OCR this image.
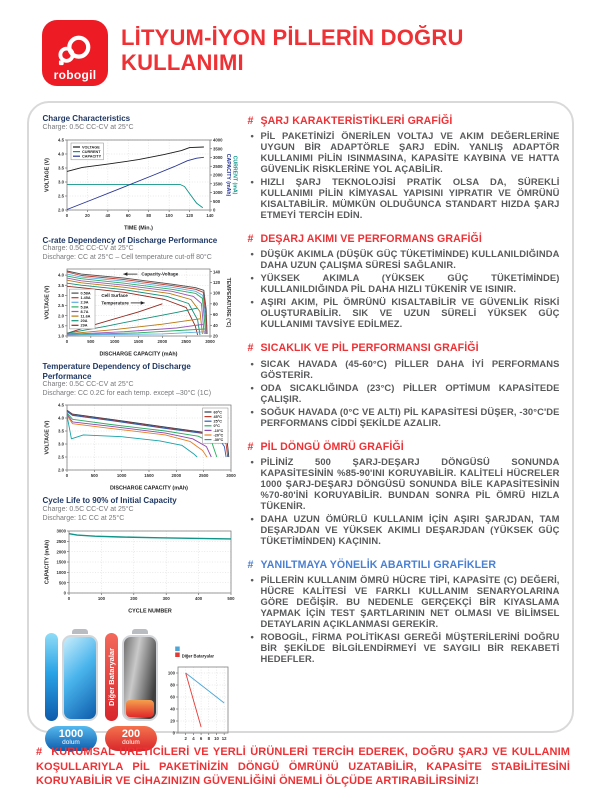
robogil
LİTYUM-İYON PİLLERİN DOĞRU KULLANIMI
Charge Characteristics
Charge: 0.5C CC-CV at 25°C
0	20	40	60	80	100	120	140
2.0
2.5
3.0
3.5
4.0
4.5
0
500
1000
1500
2000
2500
3000
3500
4000
TIME (Min.)
VOLTAGE (V)	CAPACITY (mAh) CURRENT (mA)
VOLTAGE
CURRENT
CAPACITY
C-rate Dependency of Discharge Performance
Charge: 0.5C CC-CV at 25°C
Discharge: CC at 25°C – Cell temperature cut-off 80°C
0	500	1000	1500	2000	2500	3000
1.0
1.5
2.0
2.5
3.0
3.5
4.0
20
40
60
80
100
120
140
DISCHARGE CAPACITY (mAh)
VOLTAGE (V)	TEMPERATURE (°C)
0.58A
1.45A
2.9A
5.8A
8.7A
11.6A
20A
29A
Capacity-Voltage
Cell Surface
Temperature
Temperature Dependency of Discharge Performance
Charge: 0.5C CC-CV at 25°C
Discharge: CC 0.2C for each temp. except –30°C (1C)
0	500	1000	1500	2000	2500	3000
2.0
2.5
3.0
3.5
4.0
4.5
DISCHARGE CAPACITY (mAh)
VOLTAGE (V)
60°C
45°C
25°C
0°C
-10°C
-20°C
-30°C
Cycle Life to 90% of Initial Capacity
Charge: 0.5C CC-CV at 25°C
Discharge: 1C CC at 25°C
0	100	200	300	400	500
0
500
1000
1500
2000
2500
3000
CYCLE NUMBER
CAPACITY (mAh)
1000
dolum
Diğer Bataryalar
200
dolum
2 4 6 8 10 12
0
20
40
60
80
100
Diğer Bataryalar
# ŞARJ KARAKTERİSTİKLERİ GRAFİĞİ
• PİL PAKETİNİZİ ÖNERİLEN VOLTAJ VE AKIM DEĞERLERİNE UYGUN BİR ADAPTÖRLE ŞARJ EDİN. YANLIŞ ADAPTÖR KULLANIMI PİLİN ISINMASINA, KAPASİTE KAYBINA VE HATTA GÜVENLİK RİSKLERİNE YOL AÇABİLİR.
• HIZLI ŞARJ TEKNOLOJİSİ PRATİK OLSA DA, SÜREKLİ KULLANIMI PİLİN KİMYASAL YAPISINI YIPRATIR VE ÖMRÜNÜ KISALTABİLİR. MÜMKÜN OLDUĞUNCA STANDART HIZDA ŞARJ ETMEYİ TERCİH EDİN.
# DEŞARJ AKIMI VE PERFORMANS GRAFİĞİ
• DÜŞÜK AKIMLA (DÜŞÜK GÜÇ TÜKETİMİNDE) KULLANILDIĞINDA DAHA UZUN ÇALIŞMA SÜRESİ SAĞLANIR.
• YÜKSEK AKIMLA (YÜKSEK GÜÇ TÜKETİMİNDE) KULLANILDIĞINDA PİL DAHA HIZLI TÜKENİR VE ISINIR.
• AŞIRI AKIM, PİL ÖMRÜNÜ KISALTABİLİR VE GÜVENLİK RİSKİ OLUŞTURABİLİR. SIK VE UZUN SÜRELİ YÜKSEK GÜÇ KULLANIMI TAVSİYE EDİLMEZ.
# SICAKLIK VE PİL PERFORMANSI GRAFİĞİ
• SICAK HAVADA (45-60°C) PİLLER DAHA İYİ PERFORMANS GÖSTERİR.
• ODA SICAKLIĞINDA (23°C) PİLLER OPTİMUM KAPASİTEDE ÇALIŞIR.
• SOĞUK HAVADA (0°C VE ALTI) PİL KAPASİTESİ DÜŞER, -30°C'DE PERFORMANS CİDDİ ŞEKİLDE AZALIR.
# PİL DÖNGÜ ÖMRÜ GRAFİĞİ
• PİLİNİZ 500 ŞARJ-DEŞARJ DÖNGÜSÜ SONUNDA KAPASİTESİNİN %85-90'INI KORUYABİLİR. KALİTELİ HÜCRELER 1000 ŞARJ-DEŞARJ DÖNGÜSÜ SONUNDA BİLE KAPASİTESİNİN %70-80'İNİ KORUYABİLİR. BUNDAN SONRA PİL ÖMRÜ HIZLA TÜKENİR.
• DAHA UZUN ÖMÜRLÜ KULLANIM İÇİN AŞIRI ŞARJDAN, TAM DEŞARJDAN VE YÜKSEK AKIMLI DEŞARJDAN (YÜKSEK GÜÇ TÜKETİMİNDEN) KAÇININ.
# YANILTMAYA YÖNELİK ABARTILI GRAFİKLER
• PİLLERİN KULLANIM ÖMRÜ HÜCRE TİPİ, KAPASİTE (C) DEĞERİ, HÜCRE KALİTESİ VE FARKLI KULLANIM SENARYOLARINA GÖRE DEĞİŞİR. BU NEDENLE GERÇEKÇİ BİR KIYASLAMA YAPMAK İÇİN TEST ŞARTLARININ NET OLMASI VE BİLİMSEL DETAYLARIN AÇIKLANMASI GEREKİR.
• ROBOGİL, FİRMA POLİTİKASI GEREĞİ MÜŞTERİLERİNİ DOĞRU BİR ŞEKİLDE BİLGİLENDİRMEYİ VE SAYGILI BİR REKABETİ HEDEFLER.
# KURUMSAL ÜRETİCİLERİ VE YERLİ ÜRÜNLERİ TERCİH EDEREK, DOĞRU ŞARJ VE KULLANIM KOŞULLARIYLA PİL PAKETİNİZİN DÖNGÜ ÖMRÜNÜ UZATABİLİR, KAPASİTE STABİLİTESİNİ KORUYABİLİR VE CİHAZINIZIN GÜVENLİĞİNİ ÖNEMLİ ÖLÇÜDE ARTIRABİLİRSİNİZ!
